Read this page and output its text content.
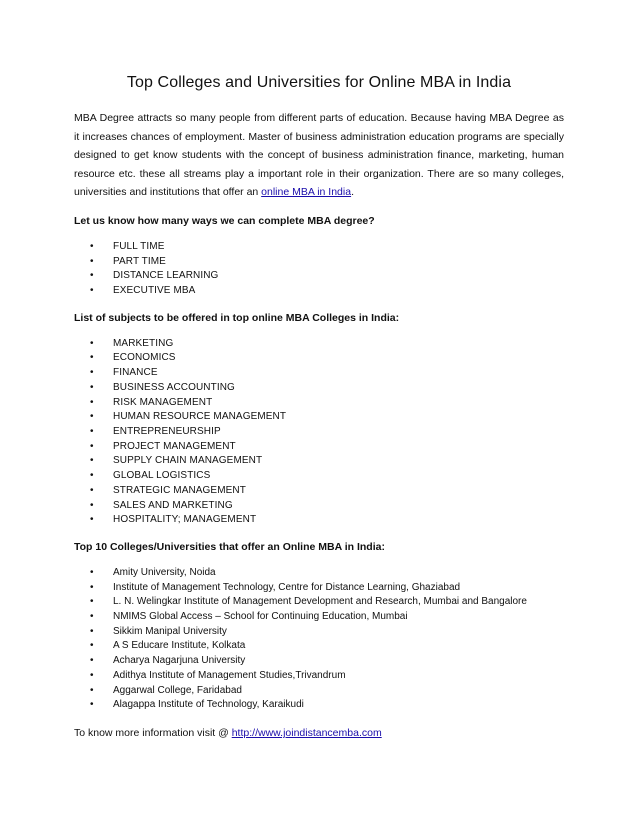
Top Colleges and Universities for Online MBA in India

MBA Degree attracts so many people from different parts of education. Because having MBA Degree as it increases chances of employment. Master of business administration education programs are specially designed to get know students with the concept of business administration finance, marketing, human resource etc. these all streams play a important role in their organization. There are so many colleges, universities and institutions that offer an online MBA in India.

Let us know how many ways we can complete MBA degree?
• FULL TIME
• PART TIME
• DISTANCE LEARNING
• EXECUTIVE MBA
List of subjects to be offered in top online MBA Colleges in India:
• MARKETING
• ECONOMICS
• FINANCE
• BUSINESS ACCOUNTING
• RISK MANAGEMENT
• HUMAN RESOURCE MANAGEMENT
• ENTREPRENEURSHIP
• PROJECT MANAGEMENT
• SUPPLY CHAIN MANAGEMENT
• GLOBAL LOGISTICS
• STRATEGIC MANAGEMENT
• SALES AND MARKETING
• HOSPITALITY; MANAGEMENT
Top 10 Colleges/Universities that offer an Online MBA in India:
• Amity University, Noida
• Institute of Management Technology, Centre for Distance Learning, Ghaziabad
• L. N. Welingkar Institute of Management Development and Research, Mumbai and Bangalore
• NMIMS Global Access – School for Continuing Education, Mumbai
• Sikkim Manipal University
• A S Educare Institute, Kolkata
• Acharya Nagarjuna University
• Adithya Institute of Management Studies,Trivandrum
• Aggarwal College, Faridabad
• Alagappa Institute of Technology, Karaikudi

To know more information visit @ http://www.joindistancemba.com
